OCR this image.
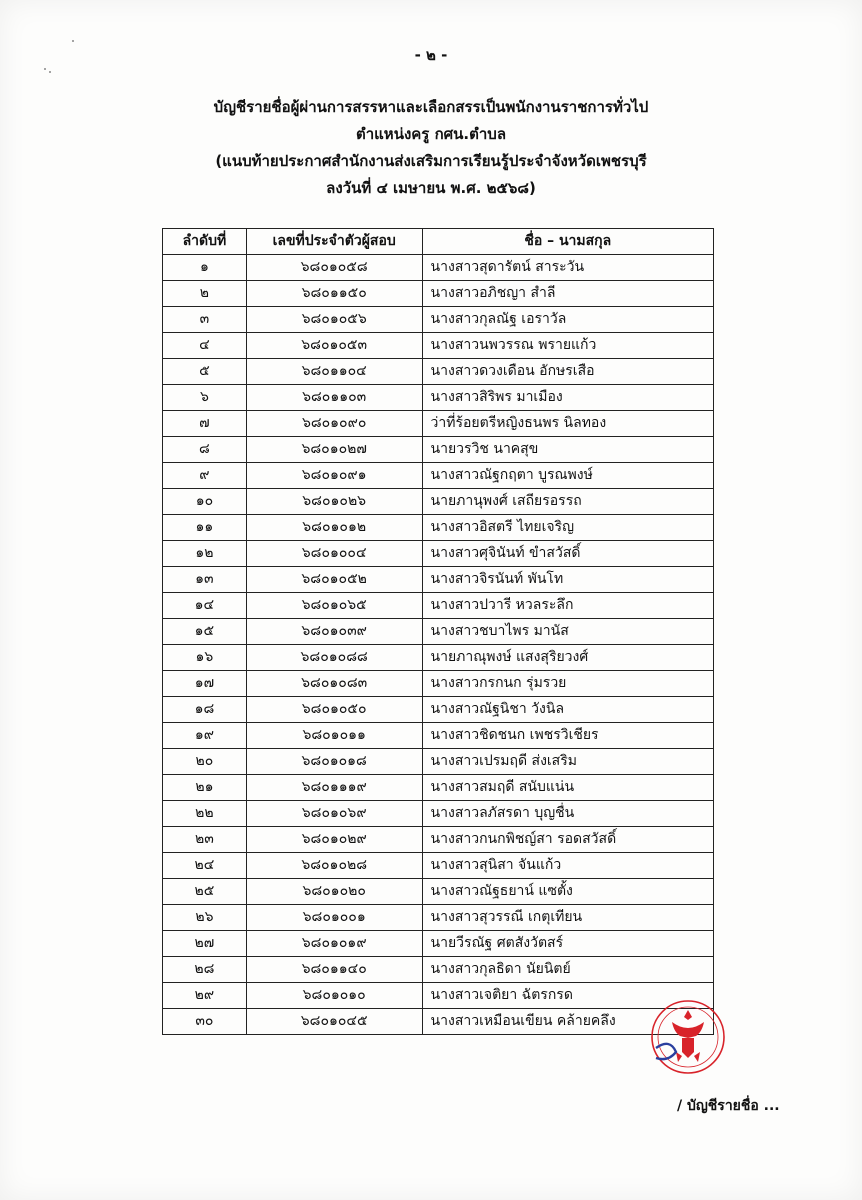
- ๒ -
บัญชีรายชื่อผู้ผ่านการสรรหาและเลือกสรรเป็นพนักงานราชการทั่วไป
ตำแหน่งครู กศน.ตำบล
(แนบท้ายประกาศสำนักงานส่งเสริมการเรียนรู้ประจำจังหวัดเพชรบุรี
ลงวันที่ ๔ เมษายน พ.ศ. ๒๕๖๘)
ลำดับที่	เลขที่ประจำตัวผู้สอบ	ชื่อ – นามสกุล
๑	๖๘๐๑๐๕๘	นางสาวสุดารัตน์ สาระวัน
๒	๖๘๐๑๑๕๐	นางสาวอภิชญา สำลี
๓	๖๘๐๑๐๕๖	นางสาวกุลณัฐ เอราวัล
๔	๖๘๐๑๐๕๓	นางสาวนพวรรณ พรายแก้ว
๕	๖๘๐๑๑๐๔	นางสาวดวงเดือน อักษรเสือ
๖	๖๘๐๑๑๐๓	นางสาวสิริพร มาเมือง
๗	๖๘๐๑๐๙๐	ว่าที่ร้อยตรีหญิงธนพร นิลทอง
๘	๖๘๐๑๐๒๗	นายวรวิช นาคสุข
๙	๖๘๐๑๐๙๑	นางสาวณัฐกฤตา บูรณพงษ์
๑๐	๖๘๐๑๐๒๖	นายภานุพงศ์ เสถียรอรรถ
๑๑	๖๘๐๑๐๑๒	นางสาวอิสตรี ไทยเจริญ
๑๒	๖๘๐๑๐๐๔	นางสาวศุจินันท์ ขำสวัสดิ์
๑๓	๖๘๐๑๐๕๒	นางสาวจิรนันท์ พันโท
๑๔	๖๘๐๑๐๖๕	นางสาวปวารี หวลระลึก
๑๕	๖๘๐๑๐๓๙	นางสาวชบาไพร มานัส
๑๖	๖๘๐๑๐๘๘	นายภาณุพงษ์ แสงสุริยวงศ์
๑๗	๖๘๐๑๐๘๓	นางสาวกรกนก รุ่มรวย
๑๘	๖๘๐๑๐๕๐	นางสาวณัฐนิชา วังนิล
๑๙	๖๘๐๑๐๑๑	นางสาวชิดชนก เพชรวิเชียร
๒๐	๖๘๐๑๐๑๘	นางสาวเปรมฤดี ส่งเสริม
๒๑	๖๘๐๑๑๑๙	นางสาวสมฤดี สนับแน่น
๒๒	๖๘๐๑๐๖๙	นางสาวลภัสรดา บุญชื่น
๒๓	๖๘๐๑๐๒๙	นางสาวกนกพิชญ์สา รอดสวัสดิ์
๒๔	๖๘๐๑๐๒๘	นางสาวสุนิสา จันแก้ว
๒๕	๖๘๐๑๐๒๐	นางสาวณัฐธยาน์ แซตั้ง
๒๖	๖๘๐๑๐๐๑	นางสาวสุวรรณี เกตุเทียน
๒๗	๖๘๐๑๐๑๙	นายวีรณัฐ ศตสังวัตสร์
๒๘	๖๘๐๑๑๔๐	นางสาวกุลธิดา นัยนิตย์
๒๙	๖๘๐๑๐๑๐	นางสาวเจติยา ฉัตรกรด
๓๐	๖๘๐๑๐๔๕	นางสาวเหมือนเขียน คล้ายคลึง
/ บัญชีรายชื่อ ...
